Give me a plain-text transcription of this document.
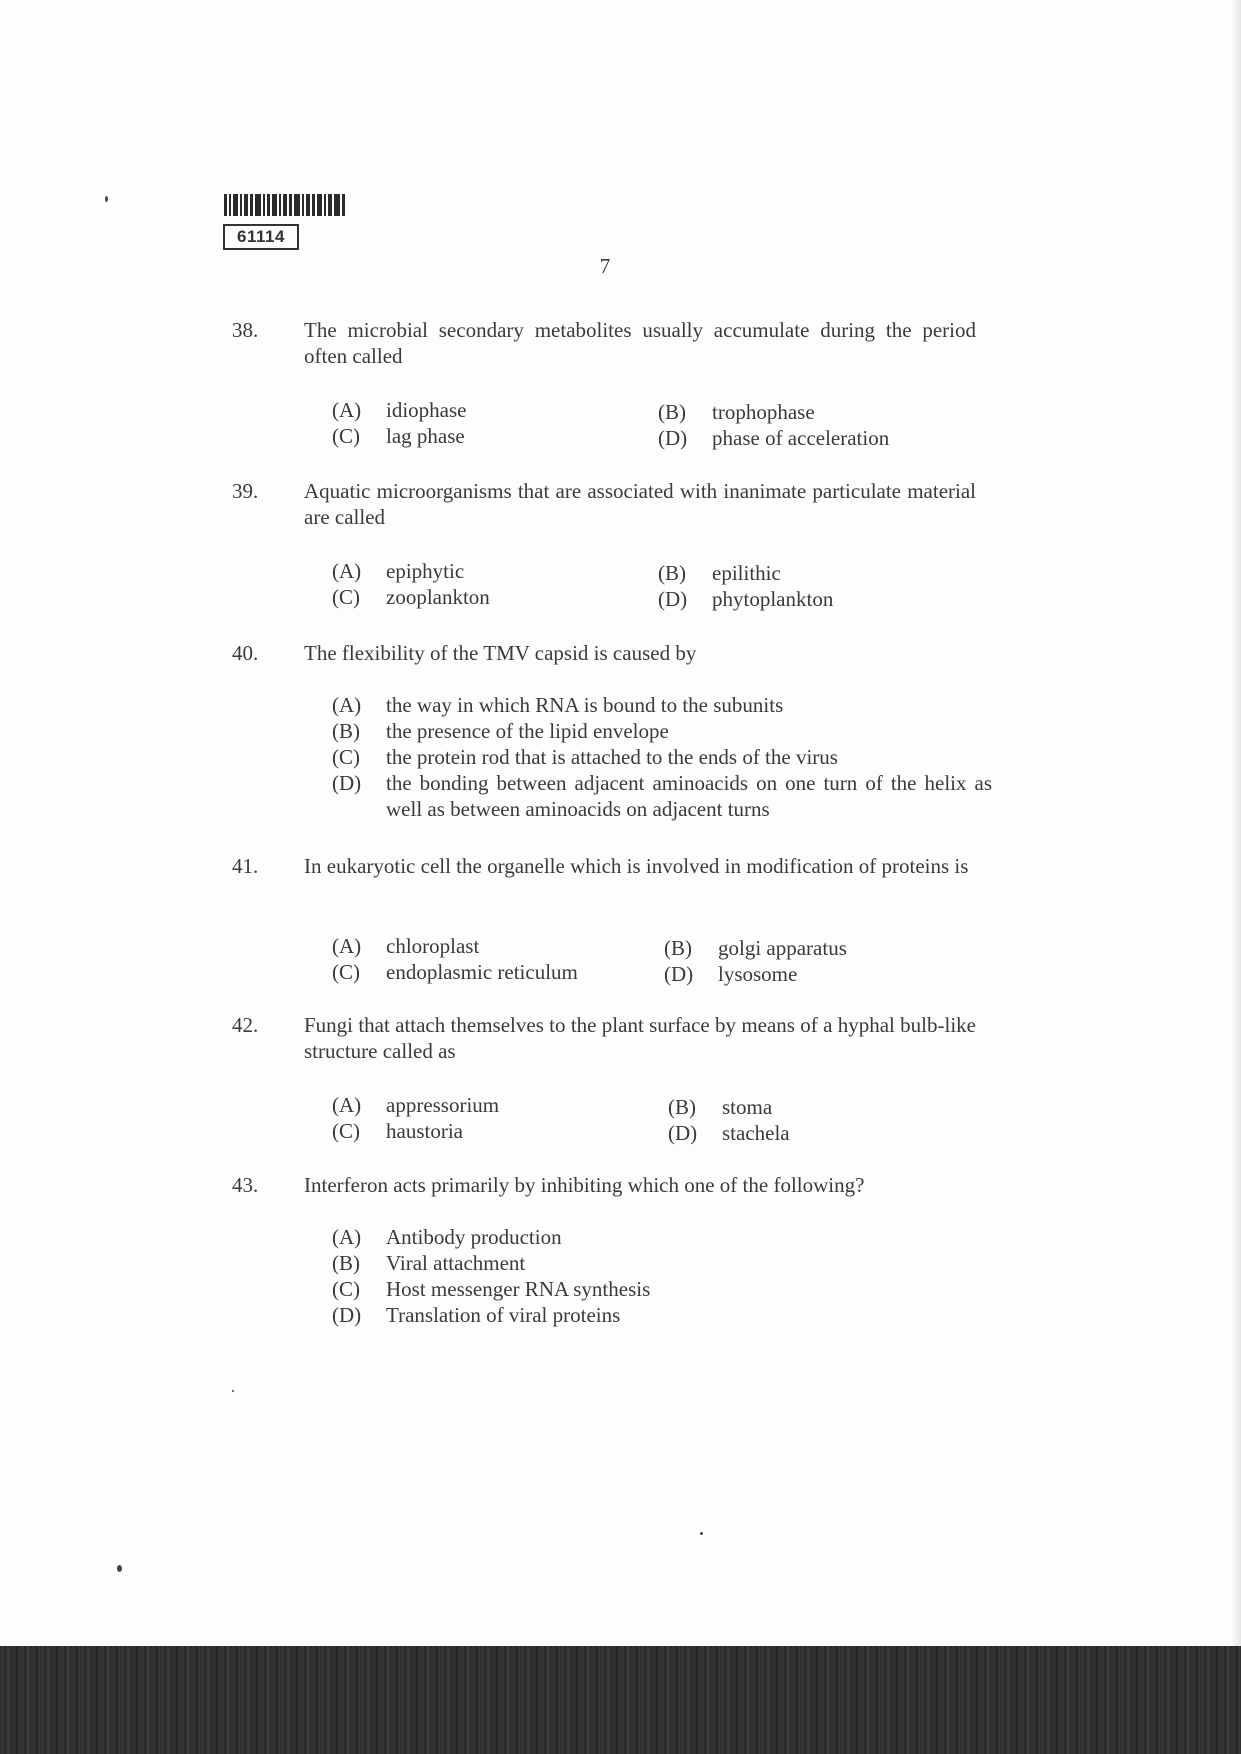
61114
7
38.	The microbial secondary metabolites usually accumulate during the period often called
(A) idiophase	(B) trophophase
(C) lag phase	(D) phase of acceleration
39.	Aquatic microorganisms that are associated with inanimate particulate material are called
(A) epiphytic	(B) epilithic
(C) zooplankton	(D) phytoplankton
40.	The flexibility of the TMV capsid is caused by
(A)	the way in which RNA is bound to the subunits
(B)	the presence of the lipid envelope
(C)	the protein rod that is attached to the ends of the virus
(D)	the bonding between adjacent aminoacids on one turn of the helix as well as between aminoacids on adjacent turns
41.	In eukaryotic cell the organelle which is involved in modification of proteins is
(A) chloroplast	(B) golgi apparatus
(C) endoplasmic reticulum	(D) lysosome
42.	Fungi that attach themselves to the plant surface by means of a hyphal bulb-like structure called as
(A) appressorium	(B) stoma
(C) haustoria	(D) stachela
43.	Interferon acts primarily by inhibiting which one of the following?
(A)	Antibody production
(B)	Viral attachment
(C)	Host messenger RNA synthesis
(D)	Translation of viral proteins
